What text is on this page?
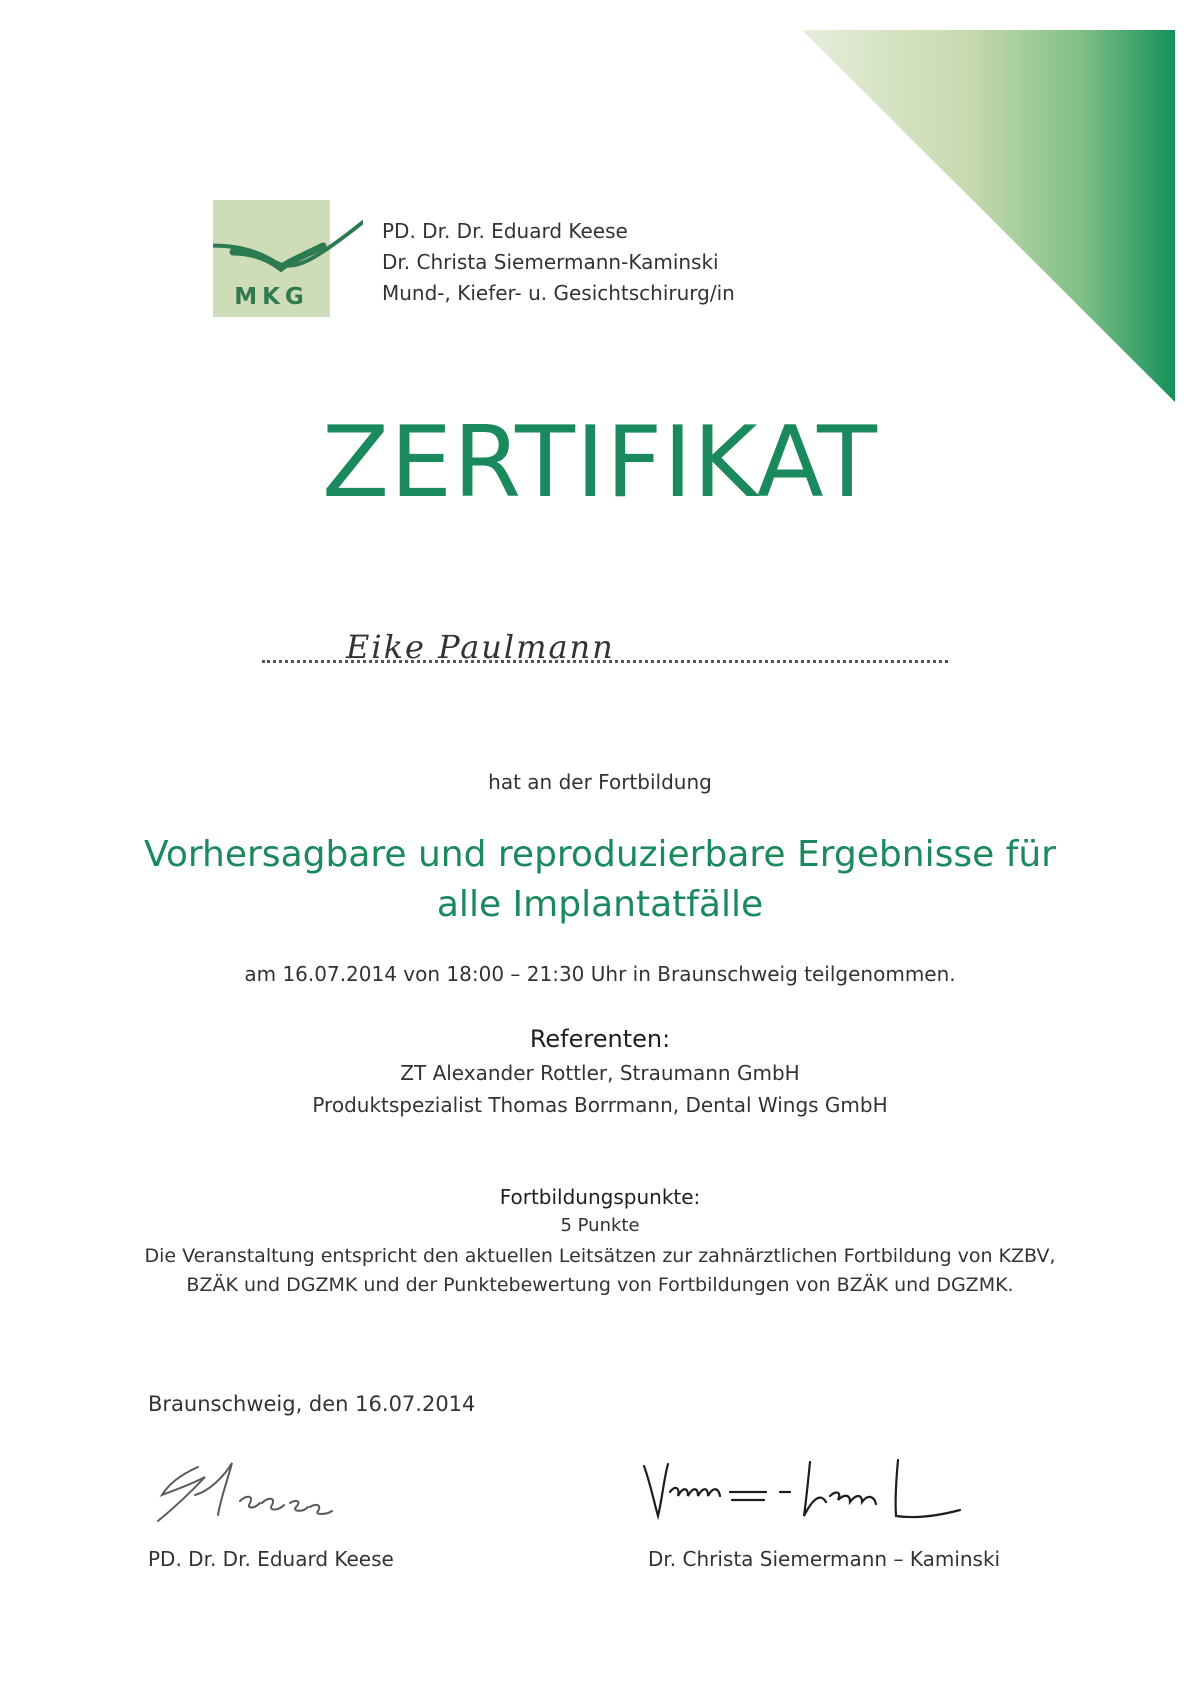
MKG
PD. Dr. Dr. Eduard Keese
Dr. Christa Siemermann-Kaminski
Mund-, Kiefer- u. Gesichtschirurg/in
ZERTIFIKAT
Eike Paulmann
hat an der Fortbildung
Vorhersagbare und reproduzierbare Ergebnisse für
alle Implantatfälle
am 16.07.2014 von 18:00 – 21:30 Uhr in Braunschweig teilgenommen.
Referenten:
ZT Alexander Rottler, Straumann GmbH
Produktspezialist Thomas Borrmann, Dental Wings GmbH
Fortbildungspunkte:
5 Punkte
Die Veranstaltung entspricht den aktuellen Leitsätzen zur zahnärztlichen Fortbildung von KZBV,
BZÄK und DGZMK und der Punktebewertung von Fortbildungen von BZÄK und DGZMK.
Braunschweig, den 16.07.2014
PD. Dr. Dr. Eduard Keese	Dr. Christa Siemermann – Kaminski
